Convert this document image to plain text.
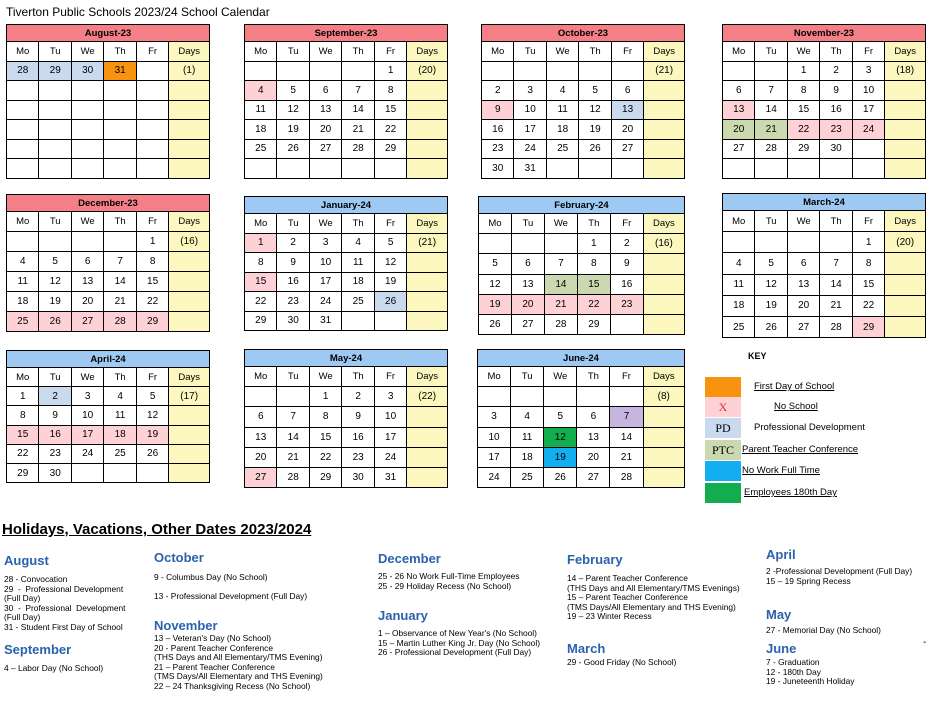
Tiverton Public Schools 2023/24 School Calendar
August-23					
Mo	Tu	We	Th	Fr	Days
28	29	30	31		(1)

September-23					
Mo	Tu	We	Th	Fr	Days
				1	(20)
4	5	6	7	8	
11	12	13	14	15	
18	19	20	21	22	
25	26	27	28	29	

October-23					
Mo	Tu	We	Th	Fr	Days
					(21)
2	3	4	5	6	
9	10	11	12	13	
16	17	18	19	20	
23	24	25	26	27	
30	31				
November-23					
Mo	Tu	We	Th	Fr	Days
		1	2	3	(18)
6	7	8	9	10	
13	14	15	16	17	
20	21	22	23	24	
27	28	29	30		

December-23					
Mo	Tu	We	Th	Fr	Days
				1	(16)
4	5	6	7	8	
11	12	13	14	15	
18	19	20	21	22	
25	26	27	28	29	
January-24					
Mo	Tu	We	Th	Fr	Days
1	2	3	4	5	(21)
8	9	10	11	12	
15	16	17	18	19	
22	23	24	25	26	
29	30	31			
February-24					
Mo	Tu	We	Th	Fr	Days
			1	2	(16)
5	6	7	8	9	
12	13	14	15	16	
19	20	21	22	23	
26	27	28	29		
March-24					
Mo	Tu	We	Th	Fr	Days
				1	(20)
4	5	6	7	8	
11	12	13	14	15	
18	19	20	21	22	
25	26	27	28	29	
April-24					
Mo	Tu	We	Th	Fr	Days
1	2	3	4	5	(17)
8	9	10	11	12	
15	16	17	18	19	
22	23	24	25	26	
29	30				
May-24					
Mo	Tu	We	Th	Fr	Days
		1	2	3	(22)
6	7	8	9	10	
13	14	15	16	17	
20	21	22	23	24	
27	28	29	30	31	
June-24					
Mo	Tu	We	Th	Fr	Days
					(8)
3	4	5	6	7	
10	11	12	13	14	
17	18	19	20	21	
24	25	26	27	28	
KEY
First Day of School
X	No School
PD	Professional Development
PTC Parent Teacher Conference
No Work Full Time
Employees 180th Day
Holidays, Vacations, Other Dates 2023/2024
August
28 - Convocation
29  -  Professional Development
(Full Day)
30  -  Professional  Development
(Full Day)
31 - Student First Day of School
September
4 – Labor Day (No School)
October
9 - Columbus Day (No School)
13 - Professional Development (Full Day)
November
13 – Veteran's Day (No School)
20 - Parent Teacher Conference
(THS Days and All Elementary/TMS Evening)
21 – Parent Teacher Conference
(TMS Days/All Elementary and THS Evening)
22 – 24 Thanksgiving Recess (No School)
December
25 - 26 No Work Full-Time Employees
25 - 29 Holiday Recess (No School)
January
1 – Observance of New Year's (No School)
15 – Martin Luther King Jr. Day (No School)
26 - Professional Development (Full Day)
February
14 – Parent Teacher Conference
(THS Days and All Elementary/TMS Evenings)
15 – Parent Teacher Conference
(TMS Days/All Elementary and THS Evening)
19 – 23 Winter Recess
March
29 - Good Friday (No School)
April
2 -Professional Development (Full Day)
15 – 19 Spring Recess
May
27 - Memorial Day (No School)
June
7 - Graduation
12 - 180th Day
19 - Juneteenth Holiday
-
